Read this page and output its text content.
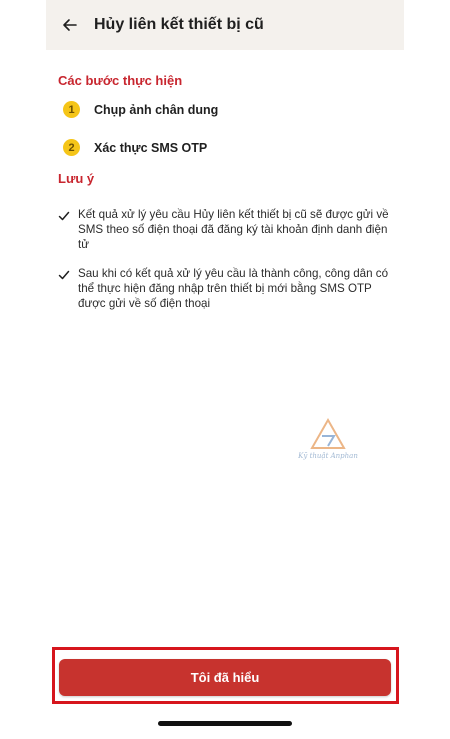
Hủy liên kết thiết bị cũ
Các bước thực hiện
1	Chụp ảnh chân dung
2	Xác thực SMS OTP
Lưu ý
Kết quả xử lý yêu cầu Hủy liên kết thiết bị cũ sẽ được gửi về SMS theo số điện thoại đã đăng ký tài khoản định danh điện tử
Sau khi có kết quả xử lý yêu cầu là thành công, công dân có thể thực hiện đăng nhập trên thiết bị mới bằng SMS OTP được gửi về số điện thoại
Kỹ thuật Anphan
Tôi đã hiểu
